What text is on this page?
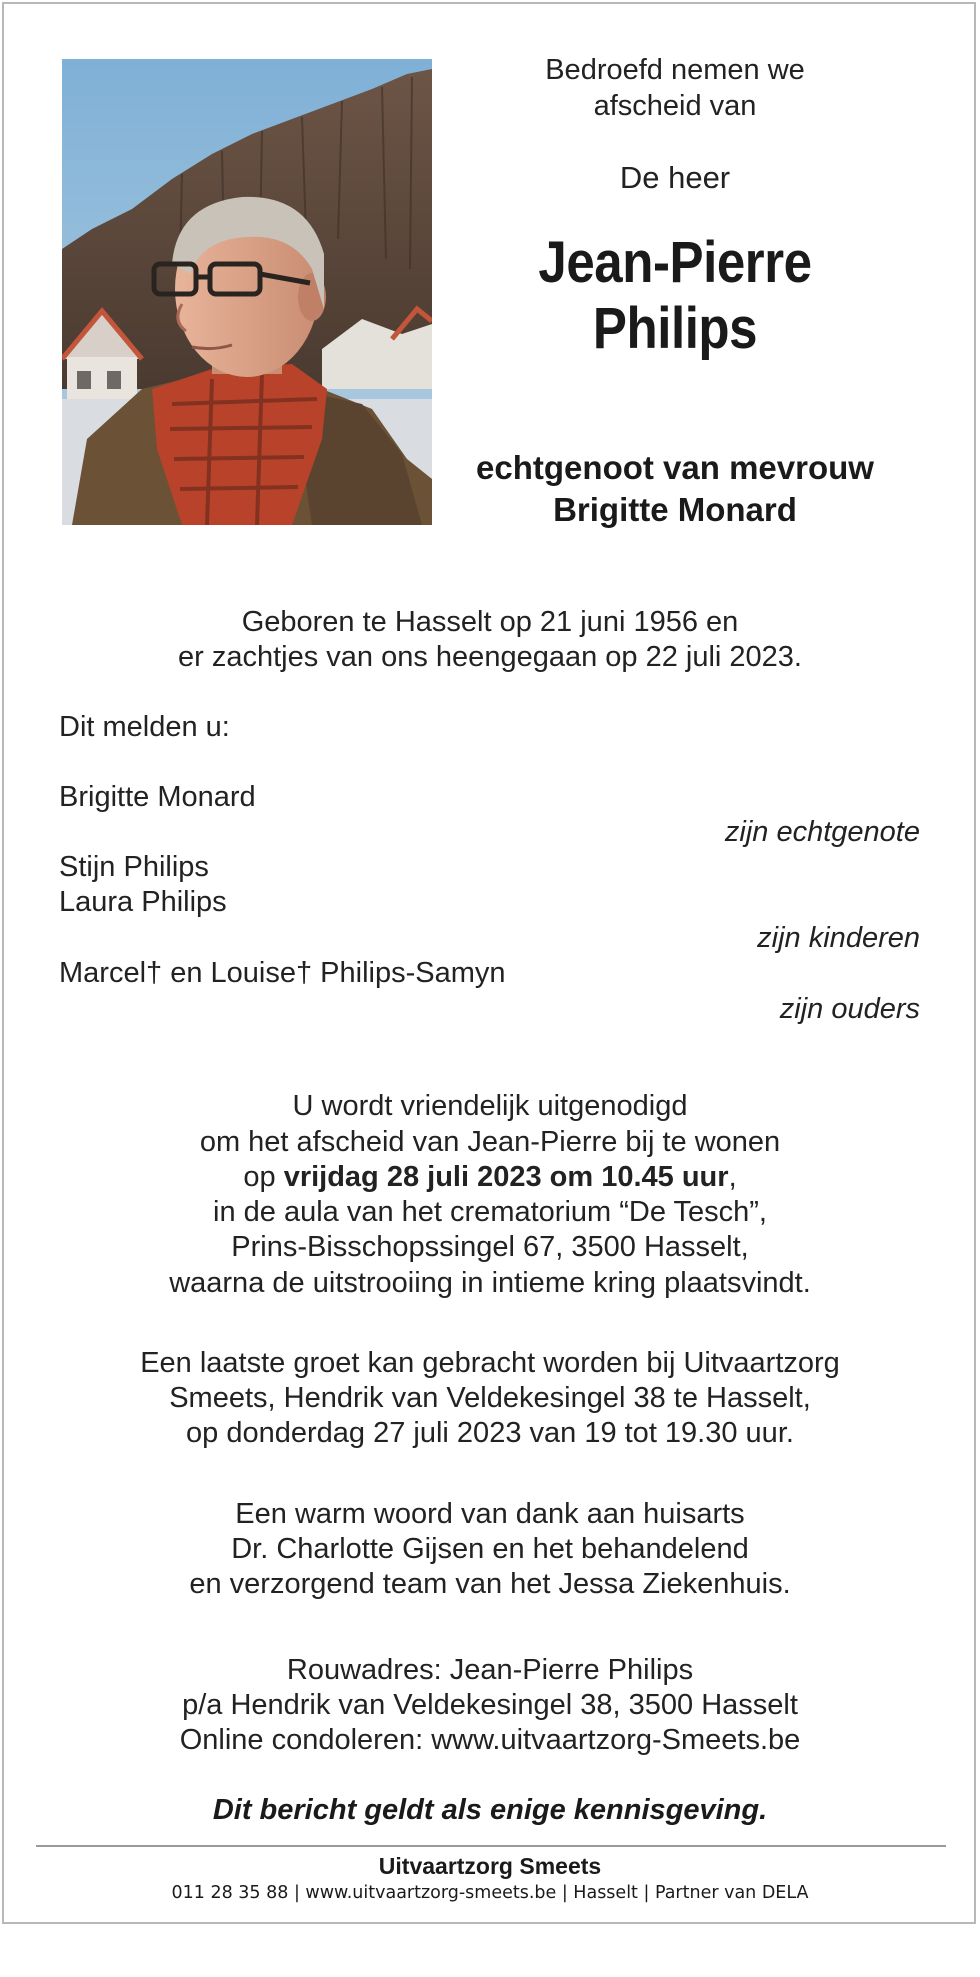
Bedroefd nemen we
afscheid van
De heer
Jean-Pierre
Philips
echtgenoot van mevrouw
Brigitte Monard
Geboren te Hasselt op 21 juni 1956 en
er zachtjes van ons heengegaan op 22 juli 2023.
Dit melden u:
Brigitte Monard
zijn echtgenote
Stijn Philips
Laura Philips
zijn kinderen
Marcel† en Louise† Philips-Samyn
zijn ouders
U wordt vriendelijk uitgenodigd
om het afscheid van Jean-Pierre bij te wonen
op vrijdag 28 juli 2023 om 10.45 uur,
in de aula van het crematorium “De Tesch”,
Prins-Bisschopssingel 67, 3500 Hasselt,
waarna de uitstrooiing in intieme kring plaatsvindt.
Een laatste groet kan gebracht worden bij Uitvaartzorg
Smeets, Hendrik van Veldekesingel 38 te Hasselt,
op donderdag 27 juli 2023 van 19 tot 19.30 uur.
Een warm woord van dank aan huisarts
Dr. Charlotte Gijsen en het behandelend
en verzorgend team van het Jessa Ziekenhuis.
Rouwadres: Jean-Pierre Philips
p/a Hendrik van Veldekesingel 38, 3500 Hasselt
Online condoleren: www.uitvaartzorg-Smeets.be
Dit bericht geldt als enige kennisgeving.
Uitvaartzorg Smeets
011 28 35 88 | www.uitvaartzorg-smeets.be | Hasselt | Partner van DELA
